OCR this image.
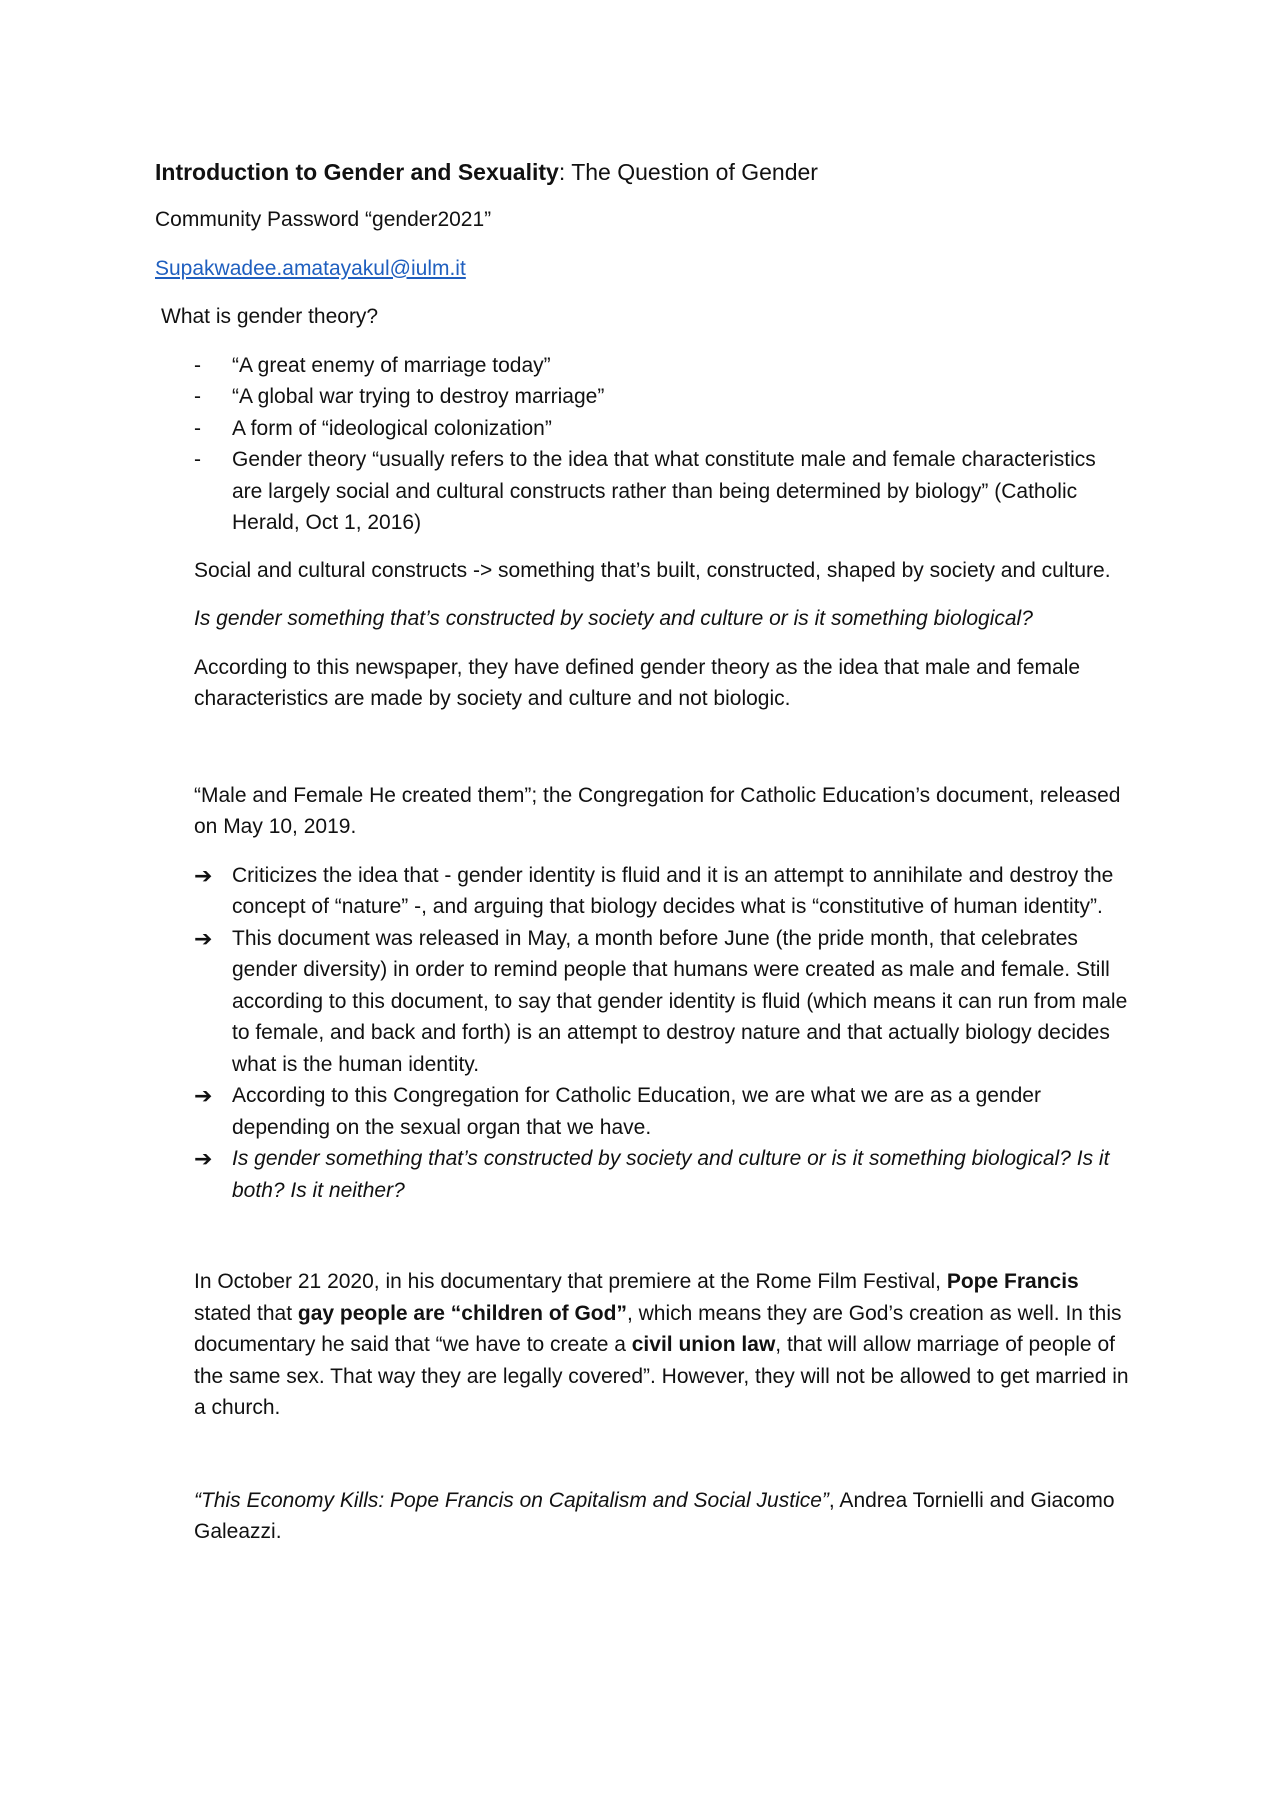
Introduction to Gender and Sexuality: The Question of Gender

Community Password “gender2021”

Supakwadee.amatayakul@iulm.it

What is gender theory?

- “A great enemy of marriage today”
- “A global war trying to destroy marriage”
- A form of “ideological colonization”
- Gender theory “usually refers to the idea that what constitute male and female characteristics are largely social and cultural constructs rather than being determined by biology” (Catholic Herald, Oct 1, 2016)

Social and cultural constructs -> something that’s built, constructed, shaped by society and culture.

Is gender something that’s constructed by society and culture or is it something biological?

According to this newspaper, they have defined gender theory as the idea that male and female characteristics are made by society and culture and not biologic.

“Male and Female He created them”; the Congregation for Catholic Education’s document, released on May 10, 2019.

➔ Criticizes the idea that - gender identity is fluid and it is an attempt to annihilate and destroy the concept of “nature” -, and arguing that biology decides what is “constitutive of human identity”.
➔ This document was released in May, a month before June (the pride month, that celebrates gender diversity) in order to remind people that humans were created as male and female. Still according to this document, to say that gender identity is fluid (which means it can run from male to female, and back and forth) is an attempt to destroy nature and that actually biology decides what is the human identity.
➔ According to this Congregation for Catholic Education, we are what we are as a gender depending on the sexual organ that we have.
➔ Is gender something that’s constructed by society and culture or is it something biological? Is it both? Is it neither?

In October 21 2020, in his documentary that premiere at the Rome Film Festival, Pope Francis stated that gay people are “children of God”, which means they are God’s creation as well. In this documentary he said that “we have to create a civil union law, that will allow marriage of people of the same sex. That way they are legally covered”. However, they will not be allowed to get married in a church.

“This Economy Kills: Pope Francis on Capitalism and Social Justice”, Andrea Tornielli and Giacomo Galeazzi.
